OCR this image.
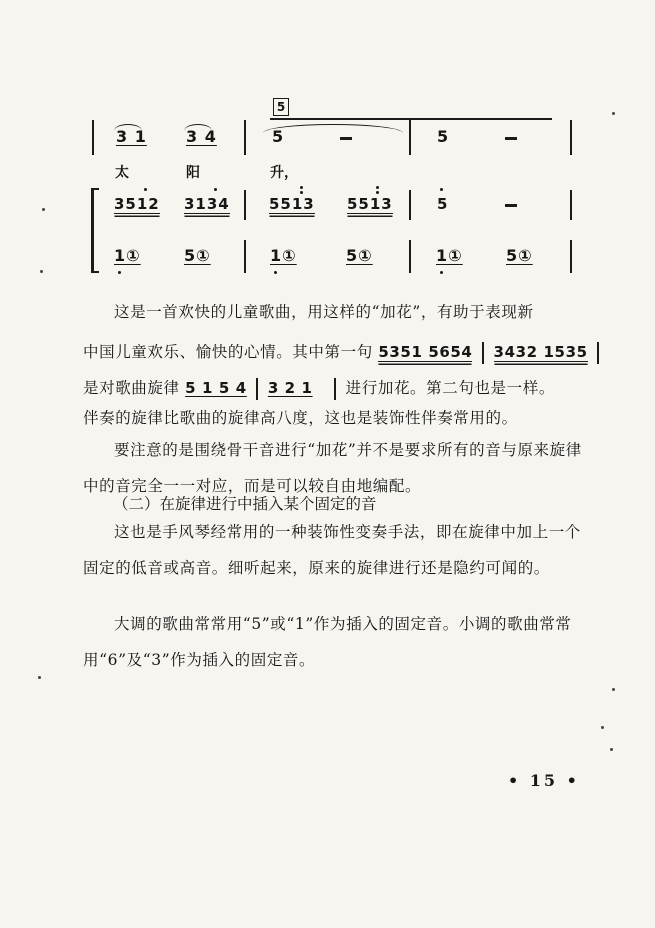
5
3 1 3 4	5	5
太	阳	升，
3512 3134	5513 5513	5
1①	5①	1①	5①	1①	5①
这是一首欢快的儿童歌曲，用这样的“加花”，有助于表现新
中国儿童欢乐、愉快的心情。其中第一句 5351 5654 3432 1535
是对歌曲旋律 5 1 5 4 3 2 1 进行加花。第二句也是一样。
伴奏的旋律比歌曲的旋律高八度，这也是装饰性伴奏常用的。
要注意的是围绕骨干音进行“加花”并不是要求所有的音与原来旋律中的音完全一一对应，而是可以较自由地编配。
（二）在旋律进行中插入某个固定的音
这也是手风琴经常用的一种装饰性变奏手法，即在旋律中加上一个固定的低音或高音。细听起来，原来的旋律进行还是隐约可闻的。
大调的歌曲常常用“5”或“1”作为插入的固定音。小调的歌曲常常用“6”及“3”作为插入的固定音。
• 15 •
